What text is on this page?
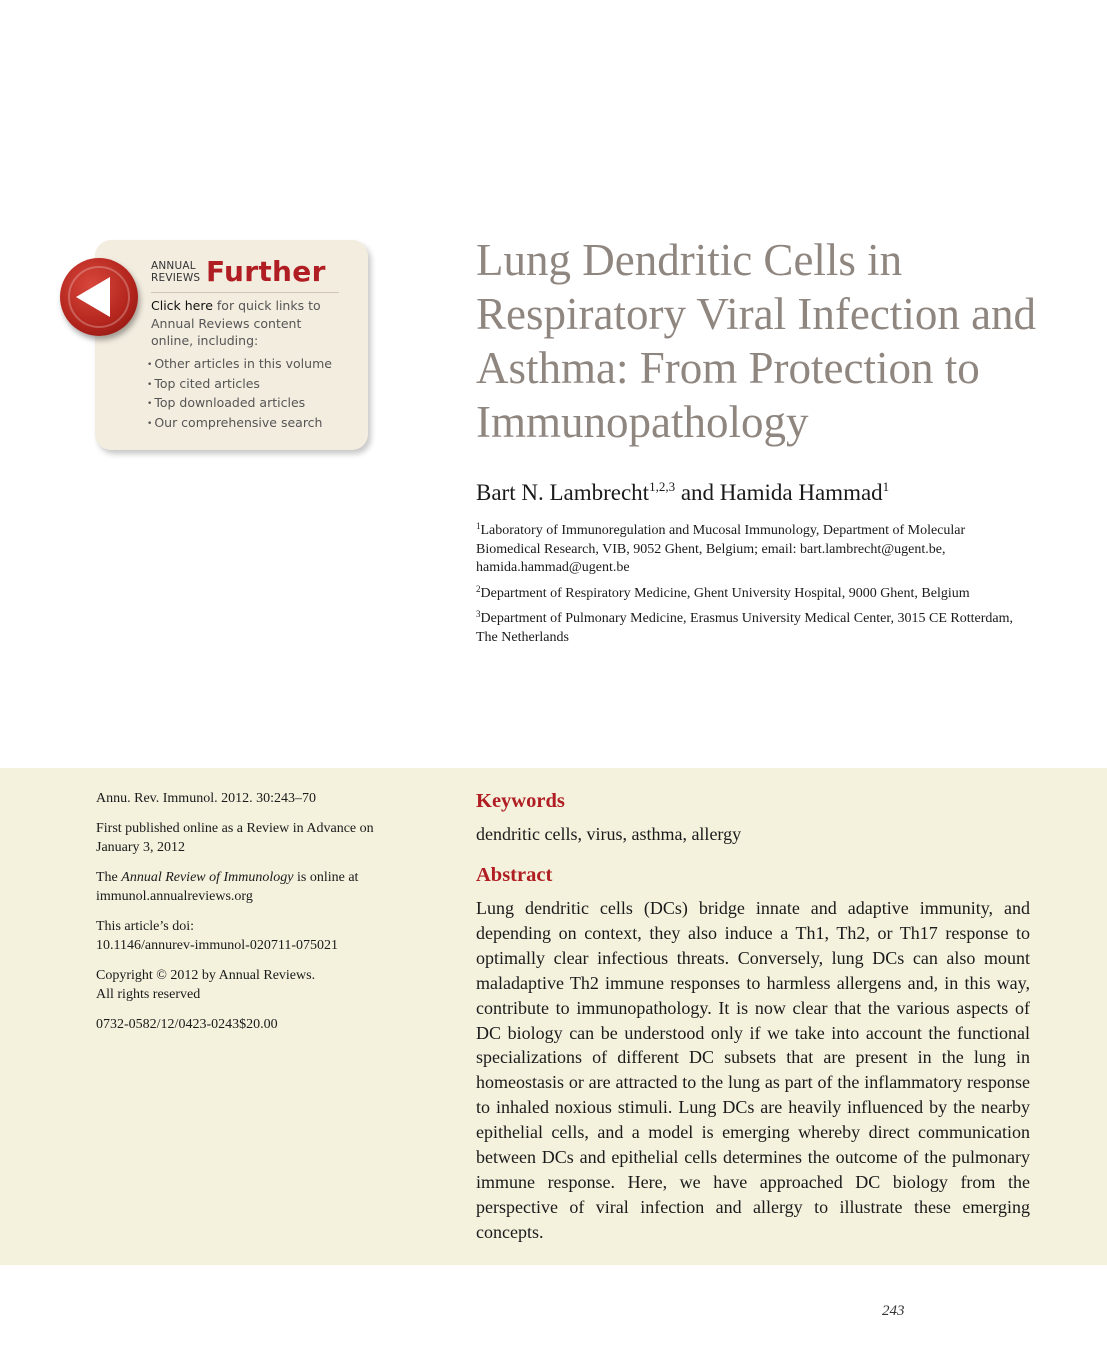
ANNUAL
REVIEWS Further
Click here for quick links to Annual Reviews content online, including:
• Other articles in this volume
• Top cited articles
• Top downloaded articles
• Our comprehensive search
Lung Dendritic Cells in Respiratory Viral Infection and Asthma: From Protection to Immunopathology
Bart N. Lambrecht$^{1,2,3}$ and Hamida Hammad$^1$

$^1$Laboratory of Immunoregulation and Mucosal Immunology, Department of Molecular Biomedical Research, VIB, 9052 Ghent, Belgium; email: bart.lambrecht@ugent.be, hamida.hammad@ugent.be

$^2$Department of Respiratory Medicine, Ghent University Hospital, 9000 Ghent, Belgium

$^3$Department of Pulmonary Medicine, Erasmus University Medical Center, 3015 CE Rotterdam, The Netherlands

Annu. Rev. Immunol. 2012. 30:243–70

First published online as a Review in Advance on January 3, 2012

The Annual Review of Immunology is online at immunol.annualreviews.org

This article’s doi:
10.1146/annurev-immunol-020711-075021

Copyright © 2012 by Annual Reviews.
All rights reserved

0732-0582/12/0423-0243$20.00

Keywords
dendritic cells, virus, asthma, allergy
Abstract

Lung dendritic cells (DCs) bridge innate and adaptive immunity, and depending on context, they also induce a Th1, Th2, or Th17 response to optimally clear infectious threats. Conversely, lung DCs can also mount maladaptive Th2 immune responses to harmless allergens and, in this way, contribute to immunopathology. It is now clear that the various aspects of DC biology can be understood only if we take into account the functional specializations of different DC subsets that are present in the lung in homeostasis or are attracted to the lung as part of the inflammatory response to inhaled noxious stimuli. Lung DCs are heavily influenced by the nearby epithelial cells, and a model is emerging whereby direct communication between DCs and epithelial cells determines the outcome of the pulmonary immune response. Here, we have approached DC biology from the perspective of viral infection and allergy to illustrate these emerging concepts.

243
